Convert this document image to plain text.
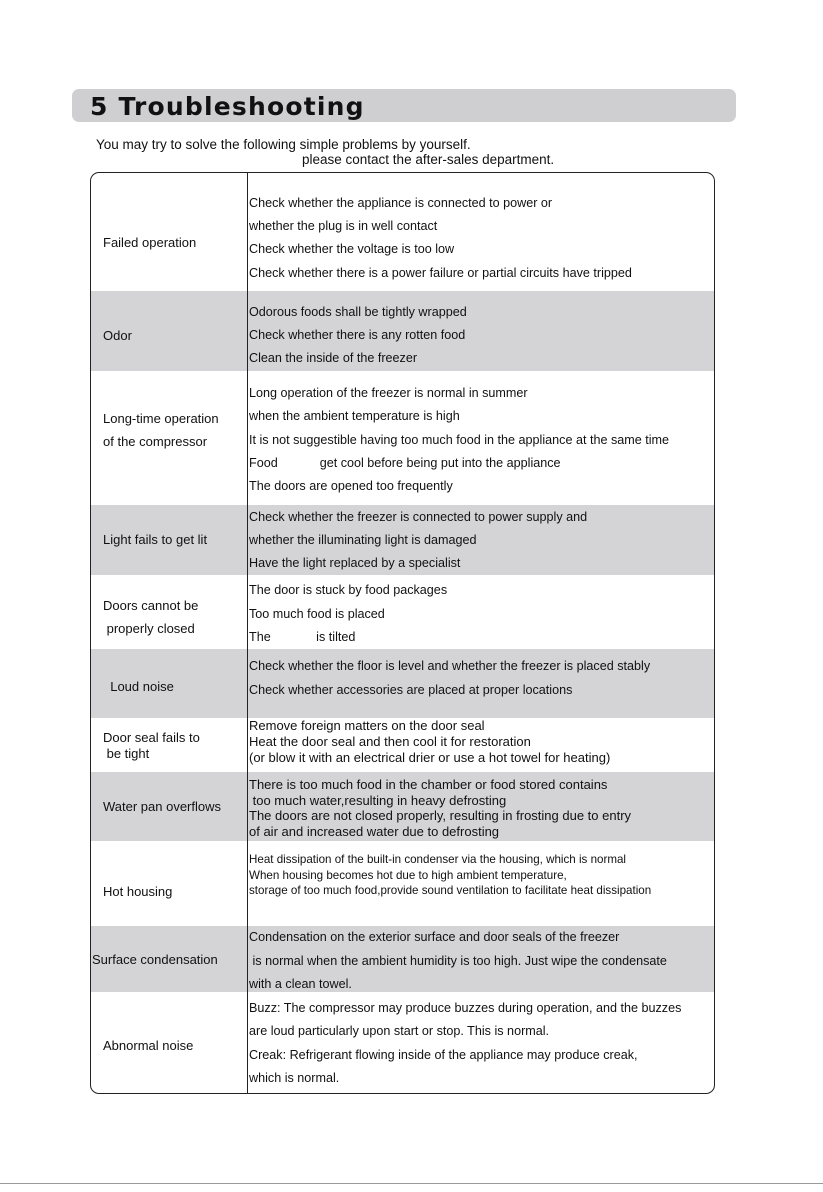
5 Troubleshooting
You may try to solve the following simple problems by yourself.
please contact the after-sales department.
Failed operation
Check whether the appliance is connected to power or
whether the plug is in well contact
Check whether the voltage is too low
Check whether there is a power failure or partial circuits have tripped
Odor
Odorous foods shall be tightly wrapped
Check whether there is any rotten food
Clean the inside of the freezer
Long-time operation
of the compressor
Long operation of the freezer is normal in summer
when the ambient temperature is high
It is not suggestible having too much food in the appliance at the same time
Food            get cool before being put into the appliance
The doors are opened too frequently
Light fails to get lit
Check whether the freezer is connected to power supply and
whether the illuminating light is damaged
Have the light replaced by a specialist
Doors cannot be
properly closed
The door is stuck by food packages
Too much food is placed
The             is tilted
Loud noise
Check whether the floor is level and whether the freezer is placed stably
Check whether accessories are placed at proper locations
Door seal fails to
be tight
Remove foreign matters on the door seal
Heat the door seal and then cool it for restoration
(or blow it with an electrical drier or use a hot towel for heating)
Water pan overflows
There is too much food in the chamber or food stored contains
too much water,resulting in heavy defrosting
The doors are not closed properly, resulting in frosting due to entry
of air and increased water due to defrosting
Hot housing
Heat dissipation of the built-in condenser via the housing, which is normal
When housing becomes hot due to high ambient temperature,
storage of too much food,provide sound ventilation to facilitate heat dissipation
Surface condensation
Condensation on the exterior surface and door seals of the freezer
is normal when the ambient humidity is too high. Just wipe the condensate
with a clean towel.
Abnormal noise
Buzz: The compressor may produce buzzes during operation, and the buzzes
are loud particularly upon start or stop. This is normal.
Creak: Refrigerant flowing inside of the appliance may produce creak,
which is normal.
